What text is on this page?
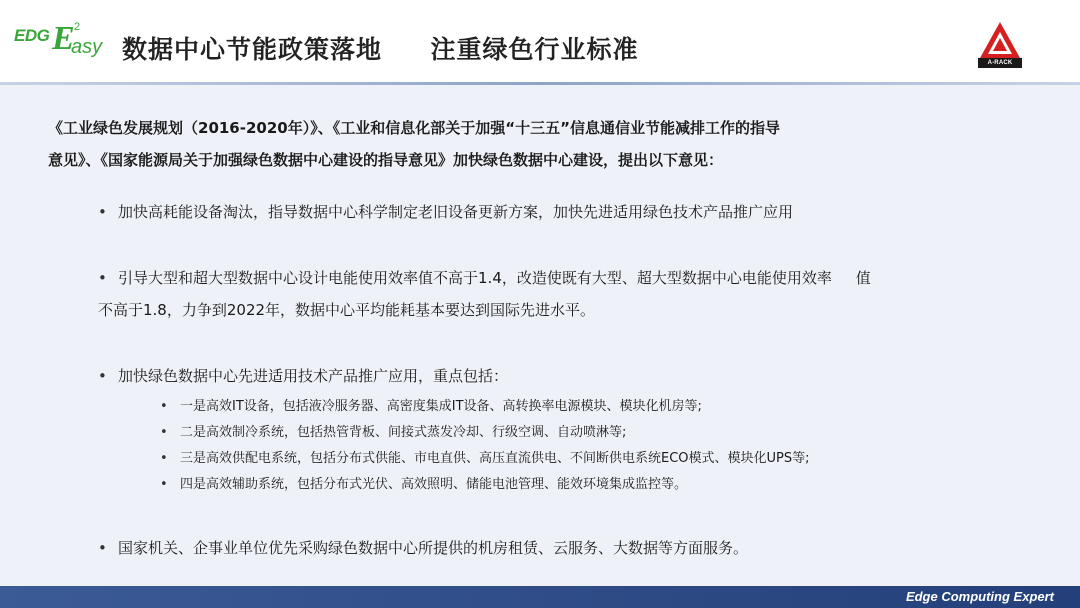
EDG E 2
asy 数据中心节能政策落地     注重绿色行业标准	A-RACK
《工业绿色发展规划（2016-2020年）》、《工业和信息化部关于加强“十三五”信息通信业节能减排工作的指导
意见》、《国家能源局关于加强绿色数据中心建设的指导意见》加快绿色数据中心建设，提出以下意见：
• 加快高耗能设备淘汰，指导数据中心科学制定老旧设备更新方案，加快先进适用绿色技术产品推广应用
• 引导大型和超大型数据中心设计电能使用效率值不高于1.4，改造使既有大型、超大型数据中心电能使用效率     值
不高于1.8，力争到2022年，数据中心平均能耗基本要达到国际先进水平。
• 加快绿色数据中心先进适用技术产品推广应用，重点包括：
• 一是高效IT设备，包括液冷服务器、高密度集成IT设备、高转换率电源模块、模块化机房等;
• 二是高效制冷系统，包括热管背板、间接式蒸发冷却、行级空调、自动喷淋等;
• 三是高效供配电系统，包括分布式供能、市电直供、高压直流供电、不间断供电系统ECO模式、模块化UPS等;
• 四是高效辅助系统，包括分布式光伏、高效照明、储能电池管理、能效环境集成监控等。
• 国家机关、企事业单位优先采购绿色数据中心所提供的机房租赁、云服务、大数据等方面服务。
Edge Computing Expert
